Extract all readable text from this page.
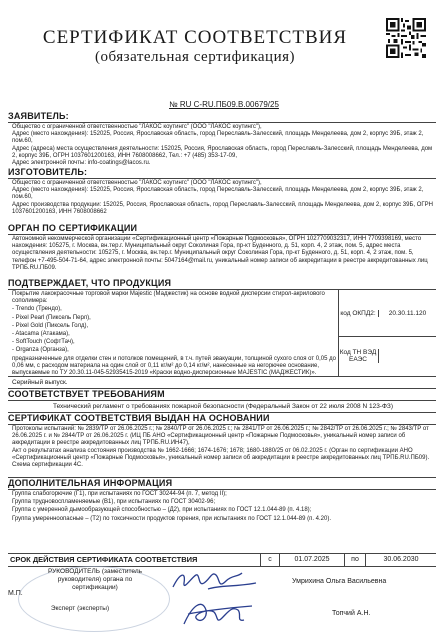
СЕРТИФИКАТ СООТВЕТСТВИЯ
(обязательная сертификация)
№ RU C-RU.ПБ09.В.00679/25
ЗАЯВИТЕЛЬ:
Общество с ограниченной ответственностью "ЛАКОС коутингс" (ООО "ЛАКОС коутингс"),
Адрес (место нахождения): 152025, Россия, Ярославская область, город Переславль-Залесский, площадь Менделеева, дом 2, корпус 39Б, этаж 2, пом.60,
Адрес (адреса) места осуществления деятельности: 152025, Россия, Ярославская область, город Переславль-Залесский, площадь Менделеева, дом 2, корпус 39Б, ОГРН 1037601200163, ИНН 7608008662, Тел.: +7 (485) 353-17-09,
Адрес электронной почты: info-coatings@lacos.ru.
ИЗГОТОВИТЕЛЬ:
Общество с ограниченной ответственностью "ЛАКОС коутингс" (ООО "ЛАКОС коутингс"),
Адрес (место нахождения): 152025, Россия, Ярославская область, город Переславль-Залесский, площадь Менделеева, дом 2, корпус 39Б, этаж 2, пом.60,
Адрес производства продукции: 152025, Россия, Ярославская область, город Переславль-Залесский, площадь Менделеева, дом 2, корпус 39Б, ОГРН 1037601200163, ИНН 7608008662
ОРГАН ПО СЕРТИФИКАЦИИ
Автономной некоммерческой организации «Сертификационный центр «Пожарные Подмосковья», ОГРН 1027709032317, ИНН 7709398169, место нахождения: 105275, г. Москва, вн.тер.г. Муниципальный округ Соколиная Гора, пр-кт Буденного, д. 51, корп. 4, 2 этаж, пом. 5, адрес места осуществления деятельности: 105275, г. Москва, вн.тер.г. Муниципальный округ Соколиная Гора, пр-кт Буденного, д. 51, корп. 4, 2 этаж, пом. 5, телефон +7-495-504-71-64, адрес электронной почты: 5047164@mail.ru, уникальный номер записи об аккредитации в реестре аккредитованных лиц ТРПБ.RU.ПБ09.
ПОДТВЕРЖДАЕТ, ЧТО ПРОДУКЦИЯ
Покрытие лакокрасочные торговой марки Majestic (Маджестик) на основе водной дисперсии стирол-акрилового сополимера:
- Trendo (Трендо),
- Pixel Pearl (Пиксель Перл),
- Pixel Gold (Пиксель Голд),
- Atacama (Атакама),
- SoftTouch (СофтТач),
- Organza (Органза),
предназначенные для отделки стен и потолков помещений, в т.ч. путей эвакуации, толщиной сухого слоя от 0,05 до 0,06 мм, с расходом материала на один слой от 0,11 кг/м² до 0,14 кг/м², нанесенные на негорючее основание, выпускаемые по ТУ 20.30.11-045-52935415-2019 «Краски водно-дисперсионные MAJESTIC (МАДЖЕСТИК)».
код ОКПД2:	20.30.11.120
Код ТН ВЭД ЕАЭС
Серийный выпуск.
СООТВЕТСТВУЕТ ТРЕБОВАНИЯМ
Технический регламент о требованиях пожарной безопасности (Федеральный Закон от 22 июля 2008 N 123-ФЗ)
СЕРТИФИКАТ СООТВЕТСТВИЯ ВЫДАН НА ОСНОВАНИИ
Протоколы испытаний: № 2839/ТР от 26.06.2025 г.; № 2840/ТР от 26.06.2025 г.; № 2841/ТР от 26.06.2025 г.; № 2842/ТР от 26.06.2025 г.; № 2843/ТР от 26.06.2025 г. и № 2844/ТР от 26.06.2025 г. (ИЦ ПБ АНО «Сертификационный центр «Пожарные Подмосковья», уникальный номер записи об аккредитации в реестре аккредитованных лиц ТРПБ.RU.ИН47),
Акт о результатах анализа состояния производства № 1662-1666; 1674-1676; 1678; 1680-1880/25 от 06.02.2025 г. (Орган по сертификации АНО «Сертификационный центр «Пожарные Подмосковья», уникальный номер записи об аккредитации в реестре аккредитованных лиц ТРПБ.RU.ПБ09).
Схема сертификации 4С.
ДОПОЛНИТЕЛЬНАЯ ИНФОРМАЦИЯ
Группа слабогорючие (Г1), при испытаниях по ГОСТ 30244-94 (п. 7, метод II);
Группа трудновоспламеняемые (В1), при испытаниях по ГОСТ 30402-96;
Группа с умеренной дымообразующей способностью – (Д2), при испытаниях по ГОСТ 12.1.044-89 (п. 4.18);
Группа умеренноопасные – (Т2) по токсичности продуктов горения, при испытаниях по ГОСТ 12.1.044-89 (п. 4.20).
СРОК ДЕЙСТВИЯ СЕРТИФИКАТА СООТВЕТСТВИЯ	с	01.07.2025	по	30.06.2030
РУКОВОДИТЕЛЬ (заместитель руководителя) органа по сертификации)
М.П.
Умрихина Ольга Васильевна
Эксперт (эксперты)
Топчий А.Н.
